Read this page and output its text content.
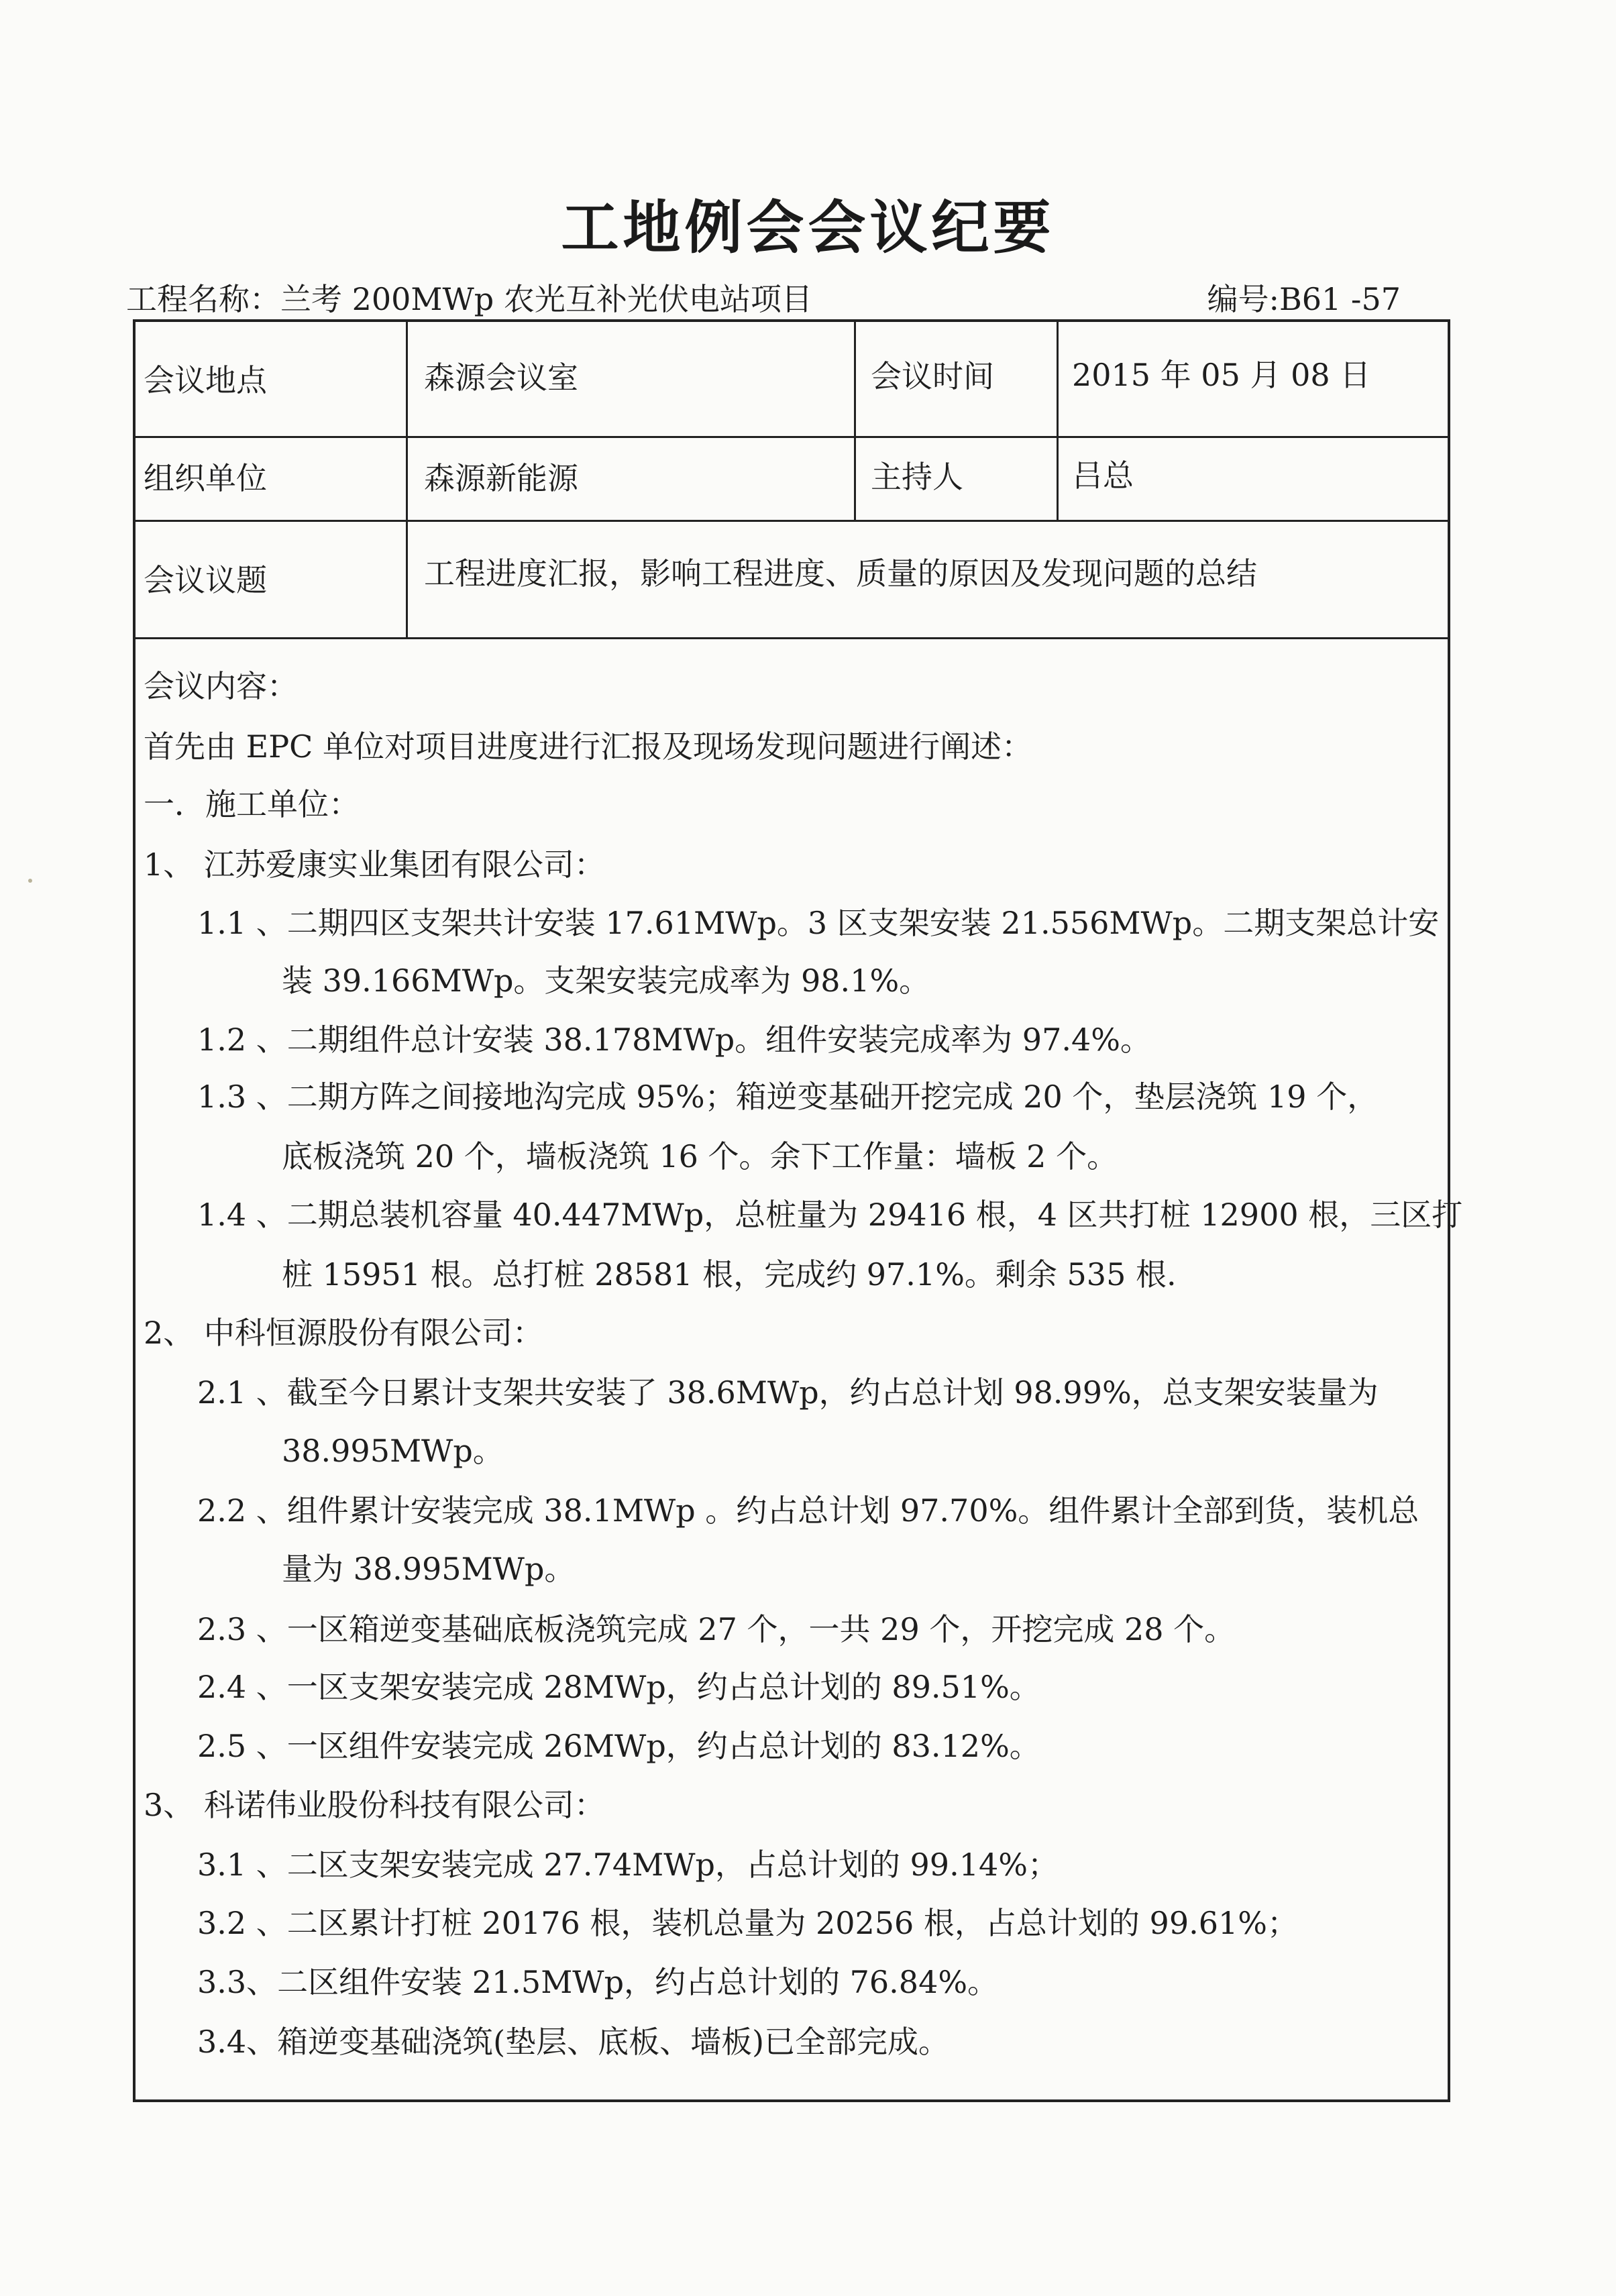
工地例会会议纪要
工程名称：兰考 200MWp 农光互补光伏电站项目	编号:B61 -57
会议地点	森源会议室	会议时间	2015 年 05 月 08 日
组织单位	森源新能源	主持人	吕总
会议议题	工程进度汇报，影响工程进度、质量的原因及发现问题的总结
会议内容：
首先由 EPC 单位对项目进度进行汇报及现场发现问题进行阐述：
一．施工单位：
1、 江苏爱康实业集团有限公司：
1.1 、二期四区支架共计安装 17.61MWp。3 区支架安装 21.556MWp。二期支架总计安
装 39.166MWp。支架安装完成率为 98.1%。
1.2 、二期组件总计安装 38.178MWp。组件安装完成率为 97.4%。
1.3 、二期方阵之间接地沟完成 95%；箱逆变基础开挖完成 20 个，垫层浇筑 19 个，
底板浇筑 20 个，墙板浇筑 16 个。余下工作量：墙板 2 个。
1.4 、二期总装机容量 40.447MWp，总桩量为 29416 根，4 区共打桩 12900 根，三区打
桩 15951 根。总打桩 28581 根，完成约 97.1%。剩余 535 根.
2、 中科恒源股份有限公司：
2.1 、截至今日累计支架共安装了 38.6MWp，约占总计划 98.99%，总支架安装量为
38.995MWp。
2.2 、组件累计安装完成 38.1MWp 。约占总计划 97.70%。组件累计全部到货，装机总
量为 38.995MWp。
2.3 、一区箱逆变基础底板浇筑完成 27 个，一共 29 个，开挖完成 28 个。
2.4 、一区支架安装完成 28MWp，约占总计划的 89.51%。
2.5 、一区组件安装完成 26MWp，约占总计划的 83.12%。
3、 科诺伟业股份科技有限公司：
3.1 、二区支架安装完成 27.74MWp，占总计划的 99.14%；
3.2 、二区累计打桩 20176 根，装机总量为 20256 根，占总计划的 99.61%；
3.3、二区组件安装 21.5MWp，约占总计划的 76.84%。
3.4、箱逆变基础浇筑(垫层、底板、墙板)已全部完成。
